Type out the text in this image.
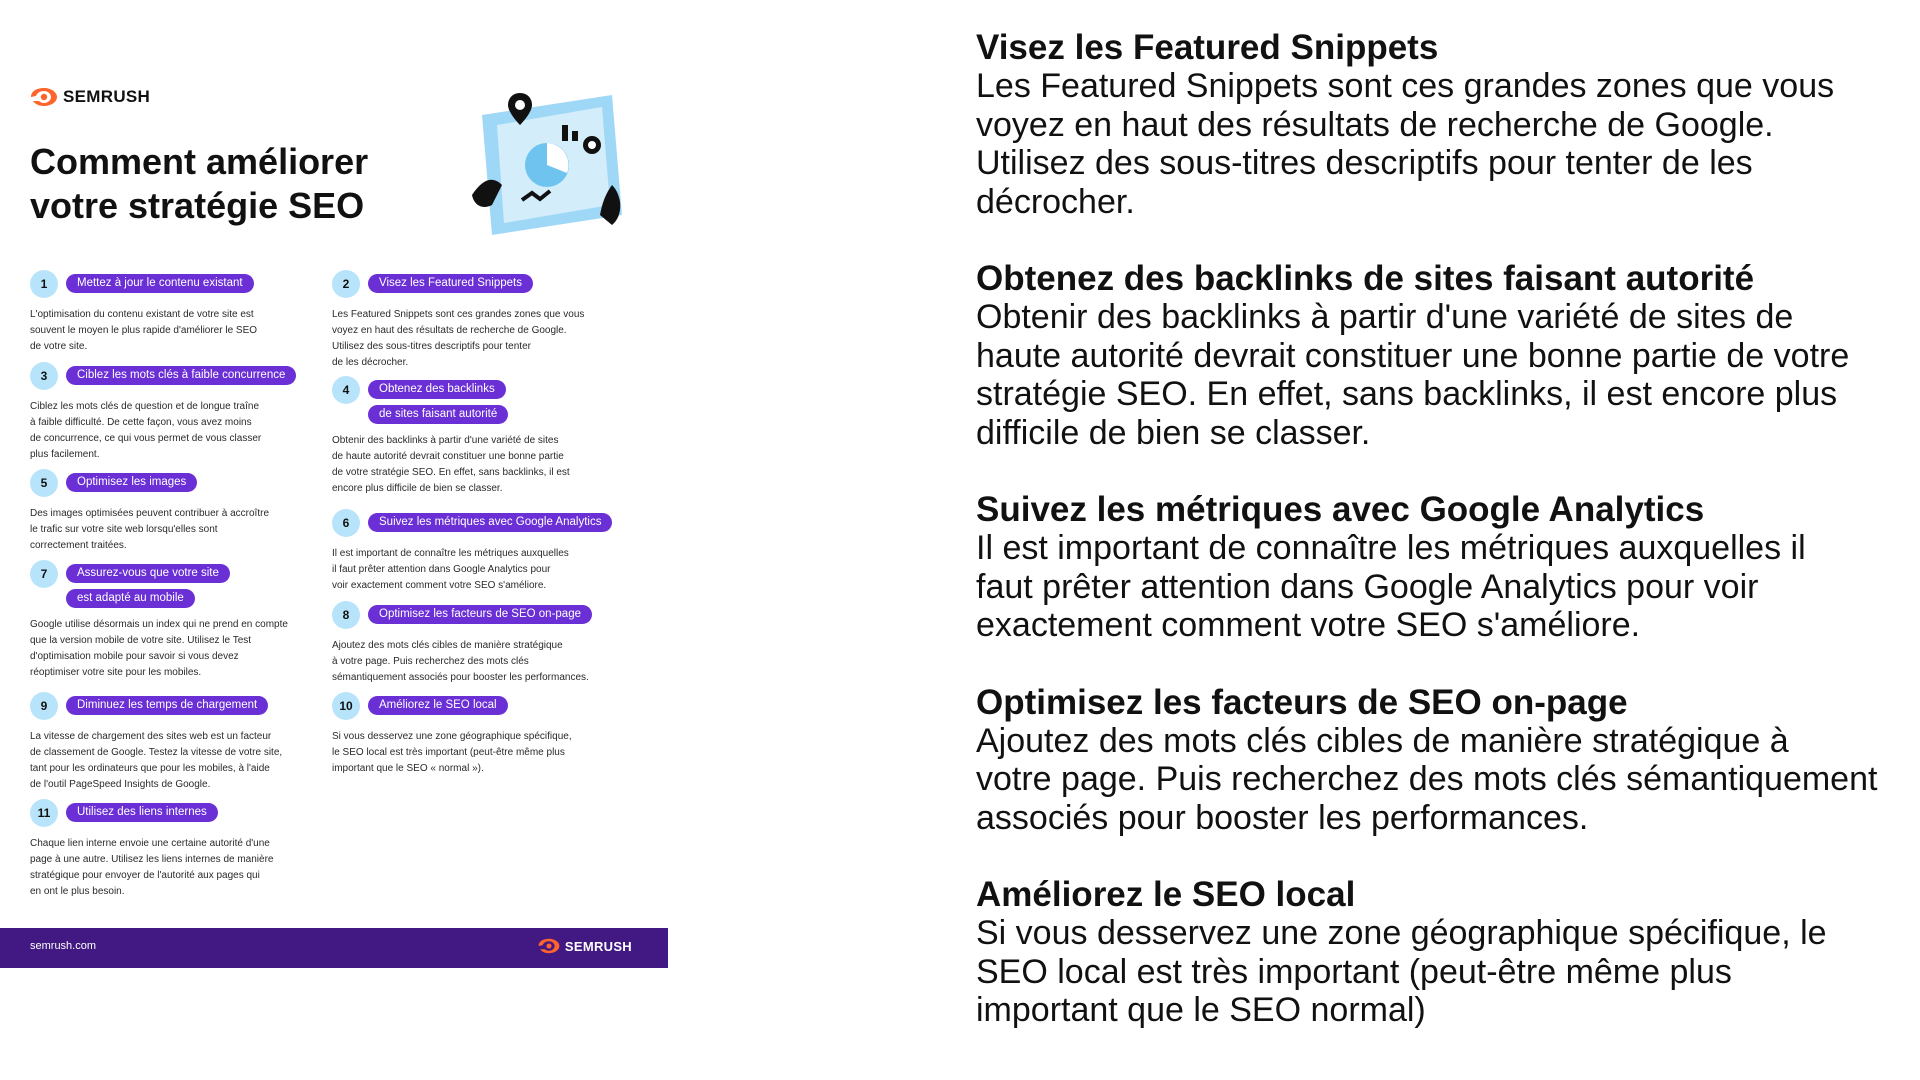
SEMRUSH
Comment améliorer
votre stratégie SEO
1	Mettez à jour le contenu existant
L'optimisation du contenu existant de votre site est
souvent le moyen le plus rapide d'améliorer le SEO
de votre site.
2	Visez les Featured Snippets
Les Featured Snippets sont ces grandes zones que vous
voyez en haut des résultats de recherche de Google.
Utilisez des sous-titres descriptifs pour tenter
de les décrocher.
3	Ciblez les mots clés à faible concurrence
Ciblez les mots clés de question et de longue traîne
à faible difficulté. De cette façon, vous avez moins
de concurrence, ce qui vous permet de vous classer
plus facilement.
4	Obtenez des backlinks
de sites faisant autorité
Obtenir des backlinks à partir d'une variété de sites
de haute autorité devrait constituer une bonne partie
de votre stratégie SEO. En effet, sans backlinks, il est
encore plus difficile de bien se classer.
5	Optimisez les images
Des images optimisées peuvent contribuer à accroître
le trafic sur votre site web lorsqu'elles sont
correctement traitées.
6	Suivez les métriques avec Google Analytics
Il est important de connaître les métriques auxquelles
il faut prêter attention dans Google Analytics pour
voir exactement comment votre SEO s'améliore.
7	Assurez-vous que votre site
est adapté au mobile
Google utilise désormais un index qui ne prend en compte
que la version mobile de votre site. Utilisez le Test
d'optimisation mobile pour savoir si vous devez
réoptimiser votre site pour les mobiles.
8	Optimisez les facteurs de SEO on-page
Ajoutez des mots clés cibles de manière stratégique
à votre page. Puis recherchez des mots clés
sémantiquement associés pour booster les performances.
9	Diminuez les temps de chargement
La vitesse de chargement des sites web est un facteur
de classement de Google. Testez la vitesse de votre site,
tant pour les ordinateurs que pour les mobiles, à l'aide
de l'outil PageSpeed Insights de Google.
10	Améliorez le SEO local
Si vous desservez une zone géographique spécifique,
le SEO local est très important (peut-être même plus
important que le SEO « normal »).
11	Utilisez des liens internes
Chaque lien interne envoie une certaine autorité d'une
page à une autre. Utilisez les liens internes de manière
stratégique pour envoyer de l'autorité aux pages qui
en ont le plus besoin.
semrush.com	SEMRUSH
Visez les Featured Snippets
Les Featured Snippets sont ces grandes zones que vous
voyez en haut des résultats de recherche de Google.
Utilisez des sous-titres descriptifs pour tenter de les
décrocher.
Obtenez des backlinks de sites faisant autorité
Obtenir des backlinks à partir d'une variété de sites de
haute autorité devrait constituer une bonne partie de votre
stratégie SEO. En effet, sans backlinks, il est encore plus
difficile de bien se classer.
Suivez les métriques avec Google Analytics
Il est important de connaître les métriques auxquelles il
faut prêter attention dans Google Analytics pour voir
exactement comment votre SEO s'améliore.
Optimisez les facteurs de SEO on-page
Ajoutez des mots clés cibles de manière stratégique à
votre page. Puis recherchez des mots clés sémantiquement
associés pour booster les performances.
Améliorez le SEO local
Si vous desservez une zone géographique spécifique, le
SEO local est très important (peut-être même plus
important que le SEO normal)
